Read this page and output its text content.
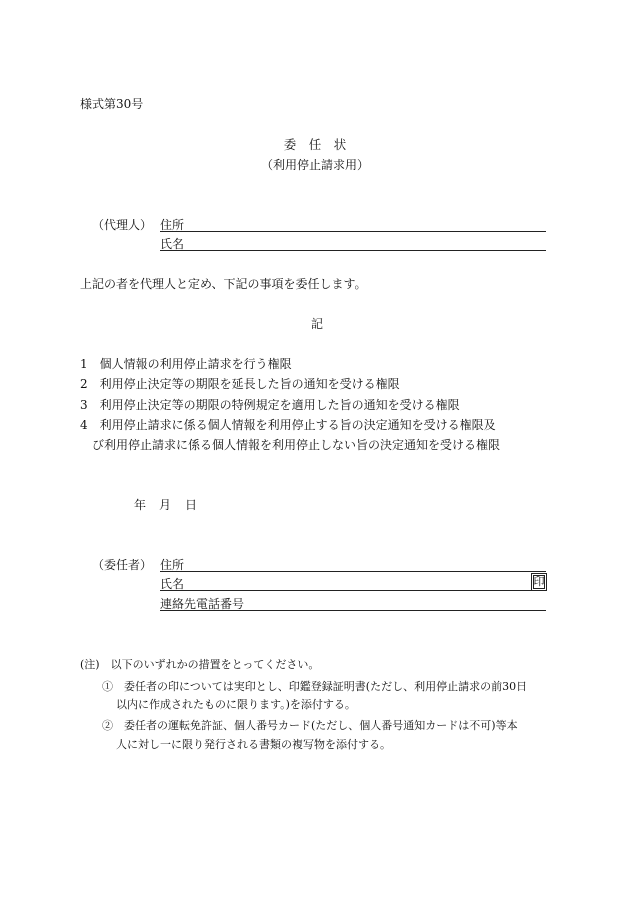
様式第30号
委　任　状
（利用停止請求用）
（代理人） 住所
氏名
上記の者を代理人と定め、下記の事項を委任します。
記
1　個人情報の利用停止請求を行う権限
2　利用停止決定等の期限を延長した旨の通知を受ける権限
3　利用停止決定等の期限の特例規定を適用した旨の通知を受ける権限
4　利用停止請求に係る個人情報を利用停止する旨の決定通知を受ける権限及
び利用停止請求に係る個人情報を利用停止しない旨の決定通知を受ける権限
年 月 日
（委任者） 住所
氏名	印
連絡先電話番号
(注)　以下のいずれかの措置をとってください。
①　委任者の印については実印とし、印鑑登録証明書(ただし、利用停止請求の前30日
以内に作成されたものに限ります。)を添付する。
②　委任者の運転免許証、個人番号カード(ただし、個人番号通知カードは不可)等本
人に対し一に限り発行される書類の複写物を添付する。
